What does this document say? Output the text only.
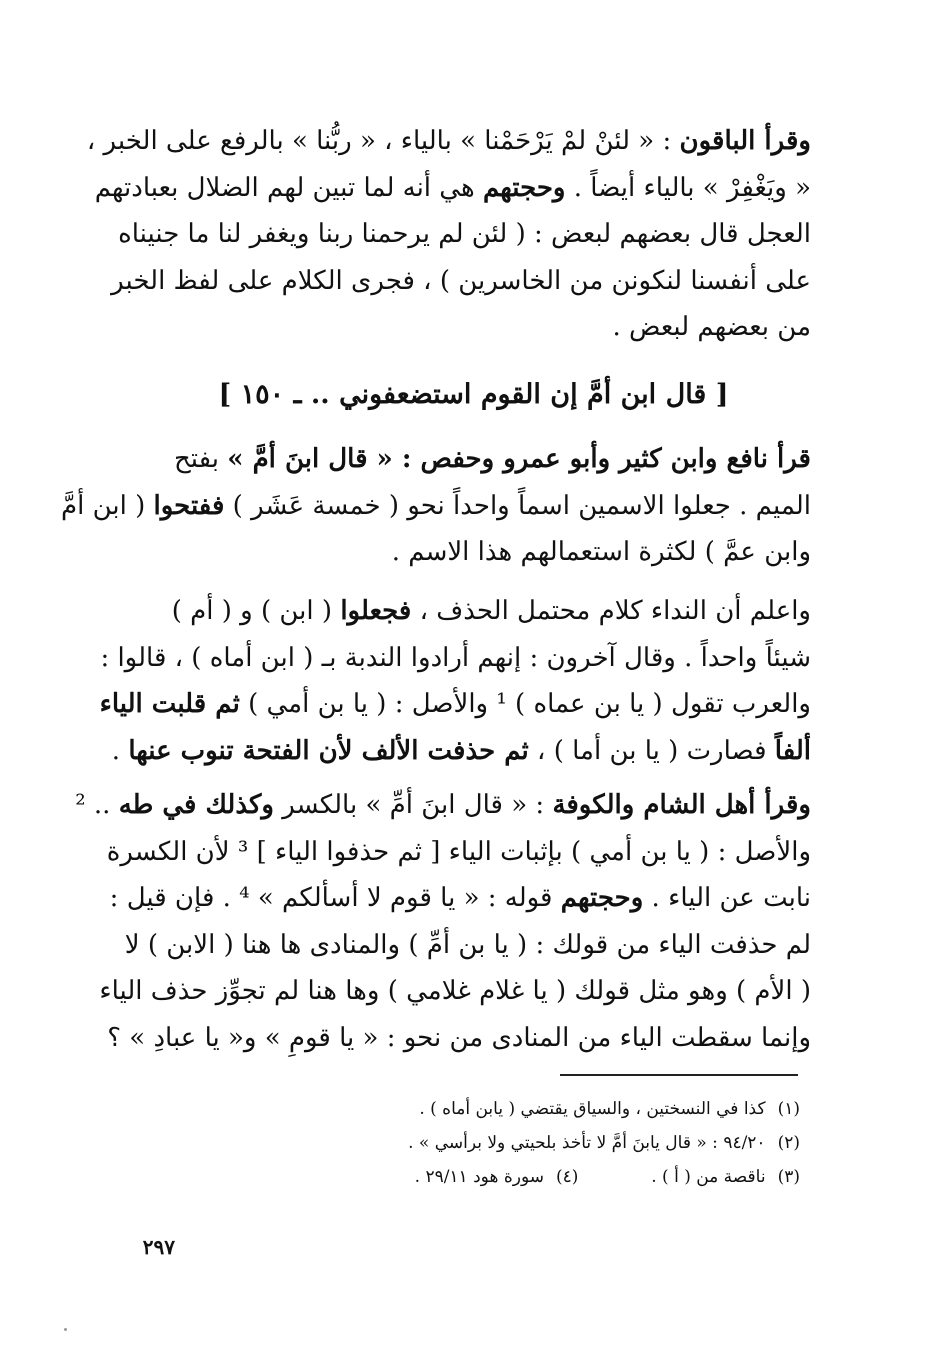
وقرأ الباقون : « لئنْ لمْ يَرْحَمْنا » بالياء ، « ربُّنا » بالرفع على الخبر ،
« ويَغْفِرْ » بالياء أيضاً . وحجتهم هي أنه لما تبين لهم الضلال بعبادتهم
العجل قال بعضهم لبعض : ( لئن لم يرحمنا ربنا ويغفر لنا ما جنيناه
على أنفسنا لنكونن من الخاسرين ) ، فجرى الكلام على لفظ الخبر
من بعضهم لبعض .
[ قال ابن أمَّ إن القوم استضعفوني .. ـ ١٥٠ ]
قرأ نافع وابن كثير وأبو عمرو وحفص : « قال ابنَ أمَّ » بفتح
الميم . جعلوا الاسمين اسماً واحداً نحو ( خمسة عَشَر ) ففتحوا ( ابن أمَّ
وابن عمَّ ) لكثرة استعمالهم هذا الاسم .
واعلم أن النداء كلام محتمل الحذف ، فجعلوا ( ابن ) و ( أم )
شيئاً واحداً . وقال آخرون : إنهم أرادوا الندبة بـ ( ابن أماه ) ، قالوا :
والعرب تقول ( يا بن عماه ) ¹ والأصل : ( يا بن أمي ) ثم قلبت الياء
ألفاً فصارت ( يا بن أما ) ، ثم حذفت الألف لأن الفتحة تنوب عنها .
وقرأ أهل الشام والكوفة : « قال ابنَ أمِّ » بالكسر وكذلك في طه .. ²
والأصل : ( يا بن أمي ) بإثبات الياء [ ثم حذفوا الياء ] ³ لأن الكسرة
نابت عن الياء . وحجتهم قوله : « يا قوم لا أسألكم » ⁴ . فإن قيل :
لم حذفت الياء من قولك : ( يا بن أمِّ ) والمنادى ها هنا ( الابن ) لا
( الأم ) وهو مثل قولك ( يا غلام غلامي ) وها هنا لم تجوِّز حذف الياء
وإنما سقطت الياء من المنادى من نحو : « يا قومِ » و« يا عبادِ » ؟
(١)كذا في النسختين ، والسياق يقتضي ( يابن أماه ) .
(٢)٩٤/٢٠ : « قال يابنَ أمَّ لا تأخذ بلحيتي ولا برأسي » .
(٣)ناقصة من ( أ ) .  (٤)سورة هود ٢٩/١١ .
٢٩٧
